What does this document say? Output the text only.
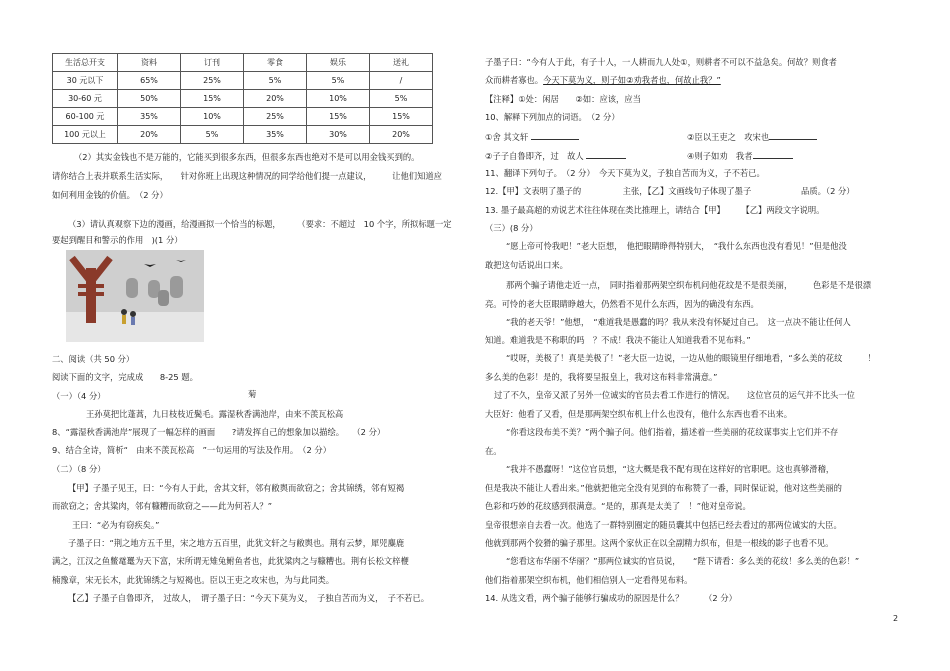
生活总开支	资料	订刊	零食	娱乐	送礼
30 元以下	65%	25%	5%	5%	/
30-60 元	50%	15%	20%	10%	5%
60-100 元	35%	10%	25%	15%	15%
100 元以上	20%	5%	35%	30%	20%
（2）其实金钱也不是万能的，它能买到很多东西，但很多东西也绝对不是可以用金钱买到的。
请你结合上表并联系生活实际，　　针对你班上出现这种情况的同学给他们提一点建议，　　　让他们知道应
如何利用金钱的价值。　（2 分）
（3）请认真观察下边的漫画，给漫画拟一个恰当的标题，　　　（要求：不超过　10 个字，所拟标题一定
要起到醒目和警示的作用　)(1 分）
二、阅读（共 50 分）
阅读下面的文字，完成成　　8-25 题。
（一）（4 分）	菊
王孙莫把比蓬蒿，九日枝枝近鬓毛。露湿秋香满池岸，由来不羡瓦松高
8、“露湿秋香满池岸”展现了一幅怎样的画面　　?请发挥自己的想象加以描绘。　　（2 分）
9、结合全诗，简析“　由来不羡瓦松高　”一句运用的写法及作用。　（2 分）
（二）（8 分）
【甲】子墨子见王，曰：“今有人于此，舍其文轩，邻有敝舆而欲窃之；舍其锦绣，邻有短褐
而欲窃之；舍其粱肉，邻有糠糟而欲窃之——此为何若人？”
王曰：“必为有窃疾矣。”
子墨子曰：“荆之地方五千里，宋之地方五百里，此犹文轩之与敝舆也。荆有云梦，犀兕麋鹿
满之，江汉之鱼鳖鼋鼍为天下富，宋所谓无雉兔鲋鱼者也，此犹粱肉之与糠糟也。荆有长松文梓楩
楠豫章，宋无长木，此犹锦绣之与短褐也。臣以王吏之攻宋也，为与此同类。
【乙】子墨子自鲁即齐，　过故人，　谓子墨子曰：“今天下莫为义，　子独自苦而为义，　子不若已。
子墨子曰：“今有人于此，有子十人，一人耕而九人处①，则耕者不可以不益急矣。何故？则食者
众而耕者寡也。今天下莫为义，则子如②劝我者也，何故止我？”
【注释】①处：闲居　　②如：应该，应当
10、解释下列加点的词语。　（2 分）
①舍 其文轩	②臣以王吏之　攻宋也
②子子自鲁即齐，过　故人	④则子如劝　我者
11、翻译下列句子。　（2 分）　今天下莫为义，子独自苦而为义，子不若已。
12.【甲】文表明了墨子的　　　　　主张，【乙】文画线句子体现了墨子　　　　　　品质。（2 分）
13. 墨子最高超的劝说艺术往往体现在类比推理上，请结合【甲】　　　【乙】两段文字说明。
（三）(8 分）
“愿上帝可怜我吧！”老大臣想，　他把眼睛睁得特别大，　“我什么东西也没有看见！”但是他没
敢把这句话说出口来。
那两个骗子请他走近一点，　同时指着那两架空织布机问他花纹是不是很美丽，　　　色彩是不是很漂
亮。可怜的老大臣眼睛睁越大，仍然看不见什么东西，因为的确没有东西。
“我的老天爷！”他想，　“难道我是愚蠢的吗？我从来没有怀疑过自己。　这一点决不能让任何人
知道。难道我是不称职的吗　？不成！我决不能让人知道我看不见布料。”
“哎呀，美极了！真是美极了！”老大臣一边说，一边从他的眼镜里仔细地看，“多么美的花纹　　　！
多么美的色彩！是的，我将要呈报皇上，我对这布料非常满意。”
过了不久，皇帝又派了另外一位诚实的官员去看工作进行的情况。　　这位官员的运气并不比头一位
大臣好：他看了又看，但是那两架空织布机上什么也没有，他什么东西也看不出来。
“你看这段布美不美？”两个骗子问。他们指着，描述着一些美丽的花纹谋事实上它们并不存
在。
“我并不愚蠢呀！”这位官员想，“这大概是我不配有现在这样好的官职吧。这也真够滑稽，
但是我决不能让人看出来。”他就把他完全没有见到的布称赞了一番，同时保证说，他对这些美丽的
色彩和巧妙的花纹感到很满意。“是的，那真是太美了　！”他对皇帝说。
皇帝很想亲自去看一次。他选了一群特别圈定的随员囊其中包括已经去看过的那两位诚实的大臣。
他就到那两个狡猾的骗子那里。这两个家伙正在以全副精力织布，但是一根线的影子也看不见。
“您看这布华丽不华丽？”那两位诚实的官员说，　　“陛下请看：多么美的花纹！多么美的色彩！”
他们指着那架空织布机，他们相信别人一定看得见布料。
14. 从选文看，两个骗子能够行骗成功的原因是什么？　　　（2 分）
2
